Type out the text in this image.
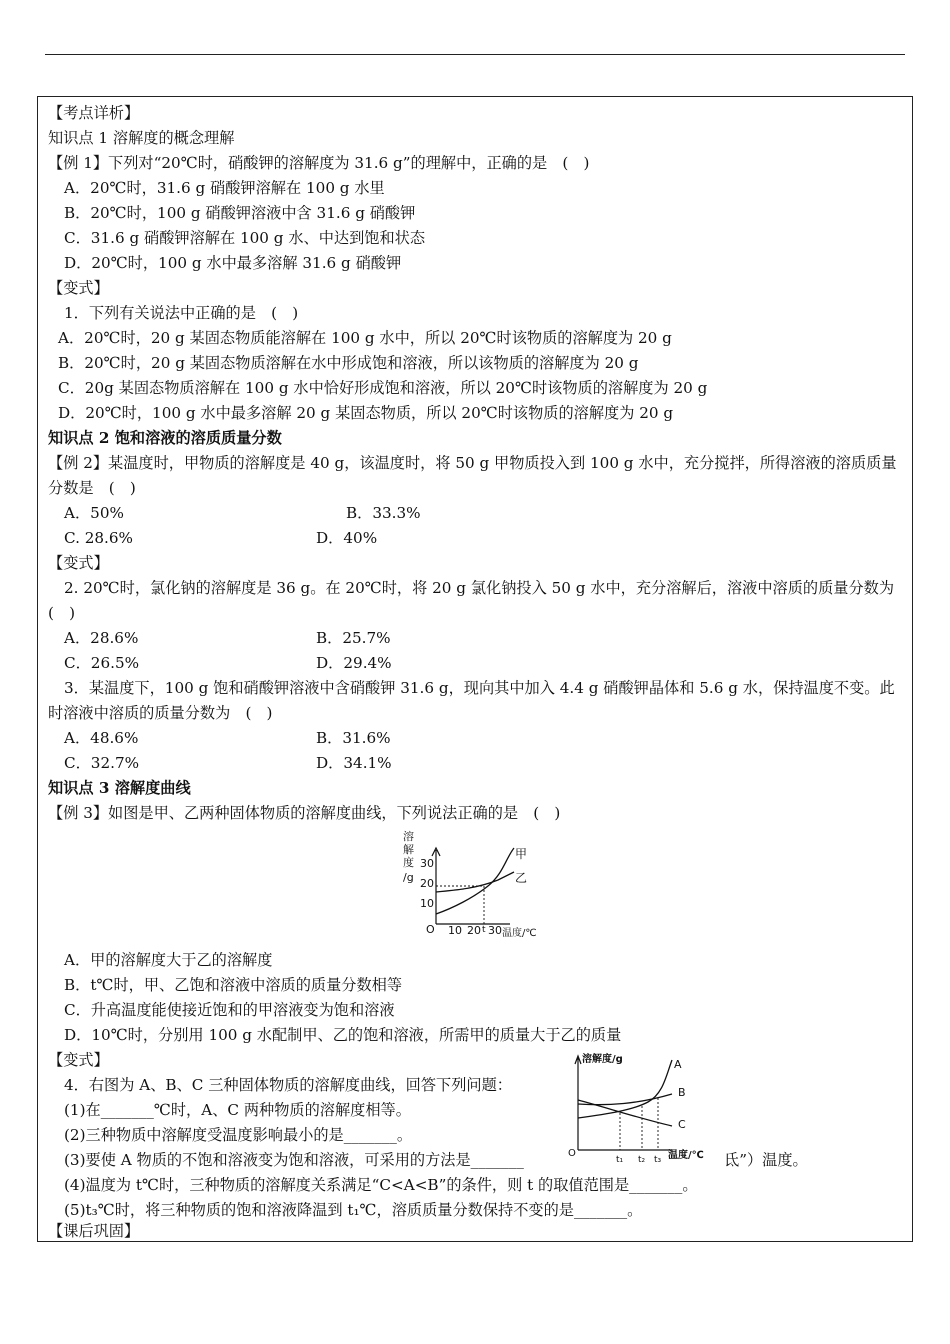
【考点详析】
知识点 1 溶解度的概念理解
【例 1】下列对“20℃时，硝酸钾的溶解度为 31.6 g”的理解中，正确的是　(　)
A．20℃时，31.6 g 硝酸钾溶解在 100 g 水里
B．20℃时，100 g 硝酸钾溶液中含 31.6 g 硝酸钾
C．31.6 g 硝酸钾溶解在 100 g 水、中达到饱和状态
D．20℃时，100 g 水中最多溶解 31.6 g 硝酸钾
【变式】
1．下列有关说法中正确的是　(　)
A．20℃时，20 g 某固态物质能溶解在 100 g 水中，所以 20℃时该物质的溶解度为 20 g
B．20℃时，20 g 某固态物质溶解在水中形成饱和溶液，所以该物质的溶解度为 20 g
C．20g 某固态物质溶解在 100 g 水中恰好形成饱和溶液，所以 20℃时该物质的溶解度为 20 g
D．20℃时，100 g 水中最多溶解 20 g 某固态物质，所以 20℃时该物质的溶解度为 20 g
知识点 2 饱和溶液的溶质质量分数
【例 2】某温度时，甲物质的溶解度是 40 g，该温度时，将 50 g 甲物质投入到 100 g 水中，充分搅拌，所得溶液的溶质质量
分数是　(　)
A．50%	B．33.3%
C. 28.6%	D．40%
【变式】
2. 20℃时，氯化钠的溶解度是 36 g。在 20℃时，将 20 g 氯化钠投入 50 g 水中，充分溶解后，溶液中溶质的质量分数为
(　)
A．28.6%	B．25.7%
C．26.5%	D．29.4%
3．某温度下，100 g 饱和硝酸钾溶液中含硝酸钾 31.6 g，现向其中加入 4.4 g 硝酸钾晶体和 5.6 g 水，保持温度不变。此
时溶液中溶质的质量分数为　(　)
A．48.6%	B．31.6%
C．32.7%	D．34.1%
知识点 3 溶解度曲线
【例 3】如图是甲、乙两种固体物质的溶解度曲线，下列说法正确的是　(　)
A．甲的溶解度大于乙的溶解度
B．t℃时，甲、乙饱和溶液中溶质的质量分数相等
C．升高温度能使接近饱和的甲溶液变为饱和溶液
D．10℃时，分别用 100 g 水配制甲、乙的饱和溶液，所需甲的质量大于乙的质量
【变式】
4．右图为 A、B、C 三种固体物质的溶解度曲线，回答下列问题：
(1)在_______℃时，A、C 两种物质的溶解度相等。
(2)三种物质中溶解度受温度影响最小的是_______。
(3)要使 A 物质的不饱和溶液变为饱和溶液，可采用的方法是_______	氐”）温度。
(4)温度为 t℃时，三种物质的溶解度关系满足“C<A<B”的条件，则 t 的取值范围是_______。
(5)t₃℃时，将三种物质的饱和溶液降温到 t₁℃，溶质质量分数保持不变的是_______。
【课后巩固】
溶
解
度
/g
30
20
10
O 10 20 t 30 温度/℃
甲
乙
溶解度/g
O
t₁ t₂ t₃ 温度/℃
A
B
C
